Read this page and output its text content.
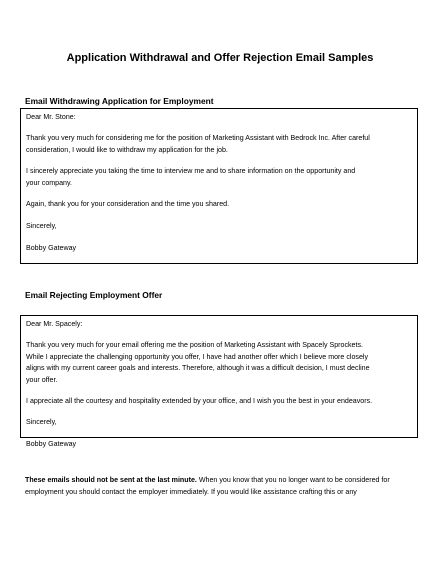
Application Withdrawal and Offer Rejection Email Samples
Email Withdrawing Application for Employment

Dear Mr. Stone:

Thank you very much for considering me for the position of Marketing Assistant with Bedrock Inc. After careful
consideration, I would like to withdraw my application for the job.

I sincerely appreciate you taking the time to interview me and to share information on the opportunity and
your company.

Again, thank you for your consideration and the time you shared.

Sincerely,

Bobby Gateway

Email Rejecting Employment Offer

Dear Mr. Spacely:

Thank you very much for your email offering me the position of Marketing Assistant with Spacely Sprockets.
While I appreciate the challenging opportunity you offer, I have had another offer which I believe more closely
aligns with my current career goals and interests. Therefore, although it was a difficult decision, I must decline
your offer.

I appreciate all the courtesy and hospitality extended by your office, and I wish you the best in your endeavors.

Sincerely,

Bobby Gateway

These emails should not be sent at the last minute. When you know that you no longer want to be considered for employment you should contact the employer immediately. If you would like assistance crafting this or any
